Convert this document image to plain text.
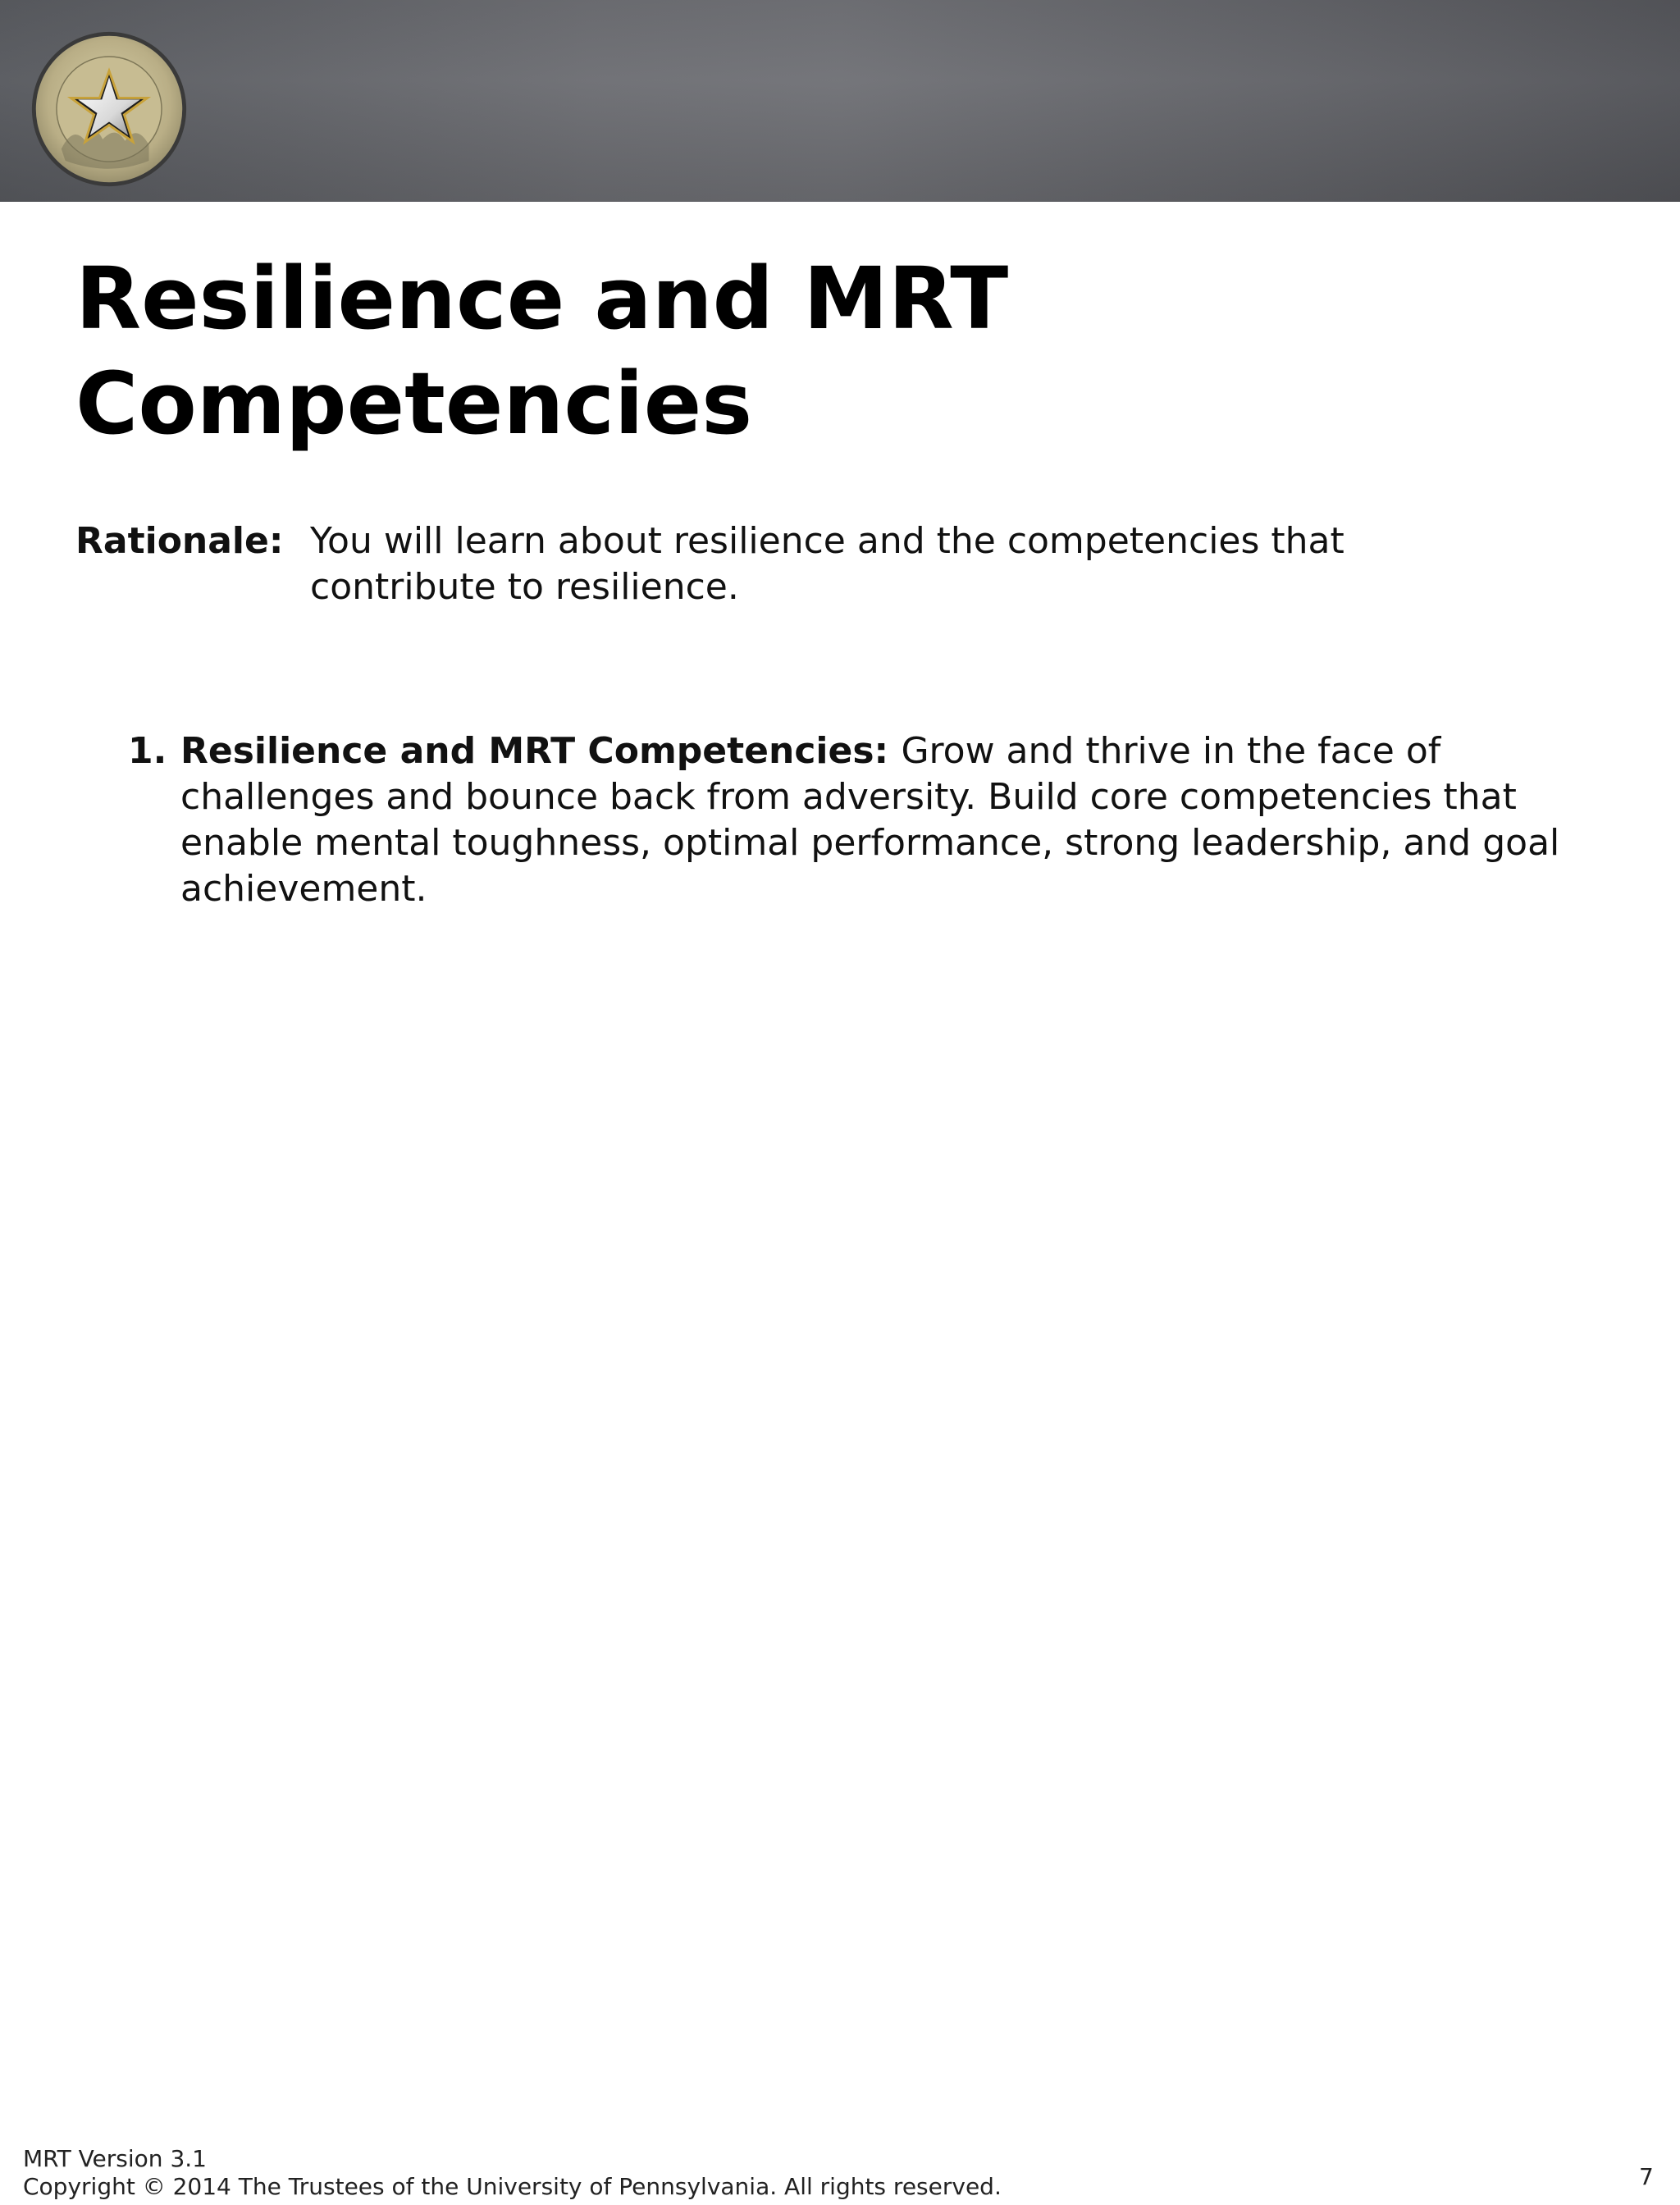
Resilience and MRT Competencies
Rationale: You will learn about resilience and the competencies that contribute to resilience.
1. Resilience and MRT Competencies: Grow and thrive in the face of challenges and bounce back from adversity. Build core competencies that enable mental toughness, optimal performance, strong leadership, and goal achievement.
MRT Version 3.1
Copyright © 2014 The Trustees of the University of Pennsylvania. All rights reserved.	7
